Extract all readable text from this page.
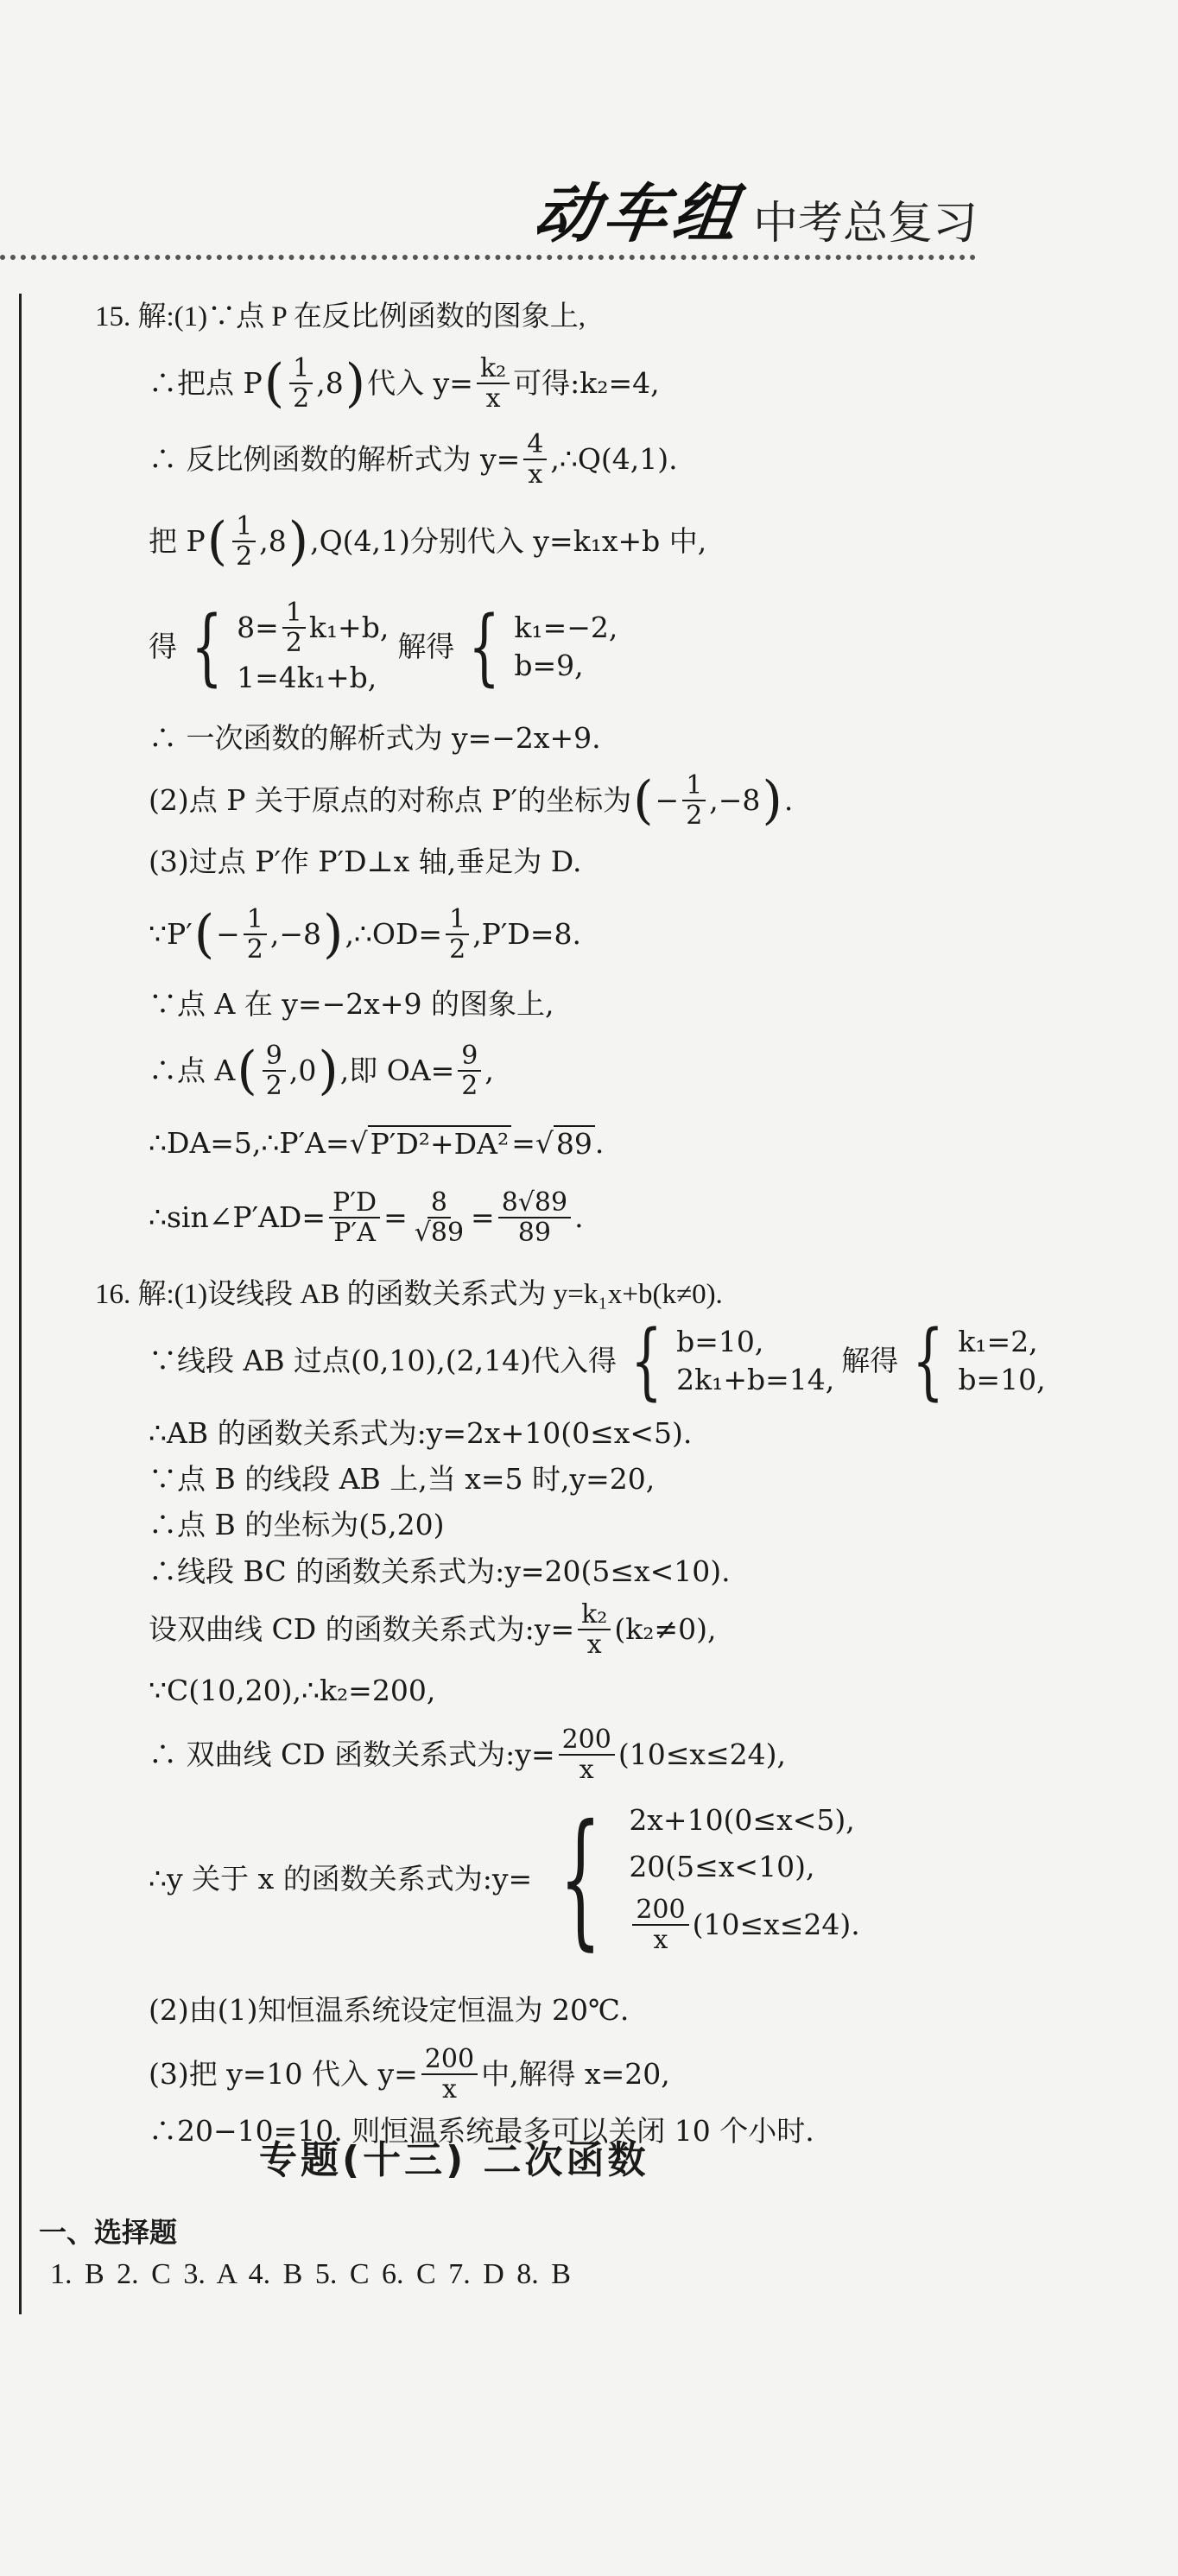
动车组 中考总复习
15. 解:(1)∵点 P 在反比例函数的图象上,
∴把点 P ( $\frac{1}{2} ,8$ ) 代入 $y= \frac{\text{k₂}}{x}$ 可得:k₂=4,
∴ 反比例函数的解析式为 $y= \frac{4}{x}$ ,∴Q(4,1).
把 P ( $\frac{1}{2} ,8$ ) ,Q(4,1)分别代入 y=k₁x+b 中,
得 { $8= \frac{1}{2} k_1+b$,
1=4k₁+b,
解得 { k₁=−2,
b=9,
∴ 一次函数的解析式为 y=−2x+9.
(2)点 P 关于原点的对称点 P′的坐标为 ( − $\frac{1}{2} ,-8$ ) .
(3)过点 P′作 P′D⊥x 轴,垂足为 D.
∵P′ ( − $\frac{1}{2} ,-8$ ) ,∴OD= $\frac{1}{2} ,P'D=8$.
∵点 A 在 y=−2x+9 的图象上,
∴点 A ( $\frac{9}{2} ,0$ ) ,即 $OA= \frac{9}{2}$ ,
∴DA=5,∴P′A=√ P′D²+DA² =√ 89 .
∴sin∠P′AD= $\frac{P'D}{P'A} = \frac{8}{√89} = \frac{8√89}{89}$ .
16. 解:(1)设线段 AB 的函数关系式为 y=k₁x+b(k≠0).
∵线段 AB 过点(0,10),(2,14)代入得 { b=10,
2k₁+b=14,
解得 { k₁=2,
b=10,
∴AB 的函数关系式为:y=2x+10(0≤x<5).
∵点 B 的线段 AB 上,当 x=5 时,y=20,
∴点 B 的坐标为(5,20)
∴线段 BC 的函数关系式为:y=20(5≤x<10).
设双曲线 CD 的函数关系式为:y= $\frac{\text{k₂}}{x} (k_2\ne 0)$,
∵C(10,20),∴k₂=200,
∴ 双曲线 CD 函数关系式为:y= $\frac{200}{x} (10\le x\le 24)$,
∴y 关于 x 的函数关系式为:y= { 2x+10(0≤x<5),
20(5≤x<10),
$\frac{200}{x} (10\le x\le 24)$.
(2)由(1)知恒温系统设定恒温为 20℃.
(3)把 y=10 代入 $y= \frac{200}{x}$ 中,解得 x=20,
∴20−10=10. 则恒温系统最多可以关闭 10 个小时.
专题(十三) 二次函数
一、选择题
1. B 2. C 3. A 4. B 5. C 6. C 7. D 8. B
